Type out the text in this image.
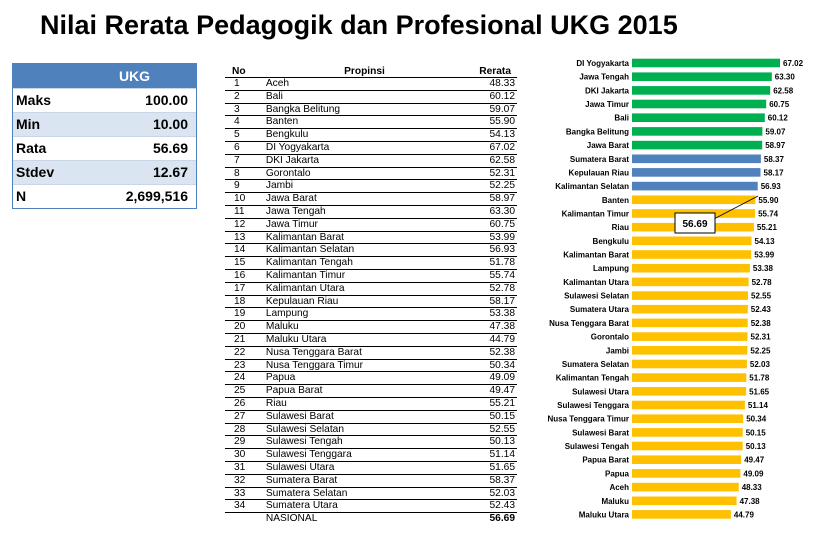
Nilai Rerata Pedagogik dan Profesional UKG 2015
UKG
Maks	100.00
Min	10.00
Rata	56.69
Stdev	12.67
N	2,699,516
No	Propinsi	Rerata
1	Aceh	48.33
2	Bali	60.12
3	Bangka Belitung	59.07
4	Banten	55.90
5	Bengkulu	54.13
6	DI Yogyakarta	67.02
7	DKI Jakarta	62.58
8	Gorontalo	52.31
9	Jambi	52.25
10	Jawa Barat	58.97
11	Jawa Tengah	63.30
12	Jawa Timur	60.75
13	Kalimantan Barat	53.99
14	Kalimantan Selatan	56.93
15	Kalimantan Tengah	51.78
16	Kalimantan Timur	55.74
17	Kalimantan Utara	52.78
18	Kepulauan Riau	58.17
19	Lampung	53.38
20	Maluku	47.38
21	Maluku Utara	44.79
22	Nusa Tenggara Barat	52.38
23	Nusa Tenggara Timur	50.34
24	Papua	49.09
25	Papua Barat	49.47
26	Riau	55.21
27	Sulawesi Barat	50.15
28	Sulawesi Selatan	52.55
29	Sulawesi Tengah	50.13
30	Sulawesi Tenggara	51.14
31	Sulawesi Utara	51.65
32	Sumatera Barat	58.37
33	Sumatera Selatan	52.03
34	Sumatera Utara	52.43
	NASIONAL	56.69
DI Yogyakarta	67.02
Jawa Tengah	63.30
DKI Jakarta	62.58
Jawa Timur	60.75
Bali	60.12
Bangka Belitung	59.07
Jawa Barat	58.97
Sumatera Barat	58.37
Kepulauan Riau	58.17
Kalimantan Selatan	56.93
Banten	55.90
Kalimantan Timur	55.74
Riau	55.21
Bengkulu	54.13
Kalimantan Barat	53.99
Lampung	53.38
Kalimantan Utara	52.78
Sulawesi Selatan	52.55
Sumatera Utara	52.43
Nusa Tenggara Barat	52.38
Gorontalo	52.31
Jambi	52.25
Sumatera Selatan	52.03
Kalimantan Tengah	51.78
Sulawesi Utara	51.65
Sulawesi Tenggara	51.14
Nusa Tenggara Timur	50.34
Sulawesi Barat	50.15
Sulawesi Tengah	50.13
Papua Barat	49.47
Papua	49.09
Aceh	48.33
Maluku	47.38
Maluku Utara	44.79
56.69
